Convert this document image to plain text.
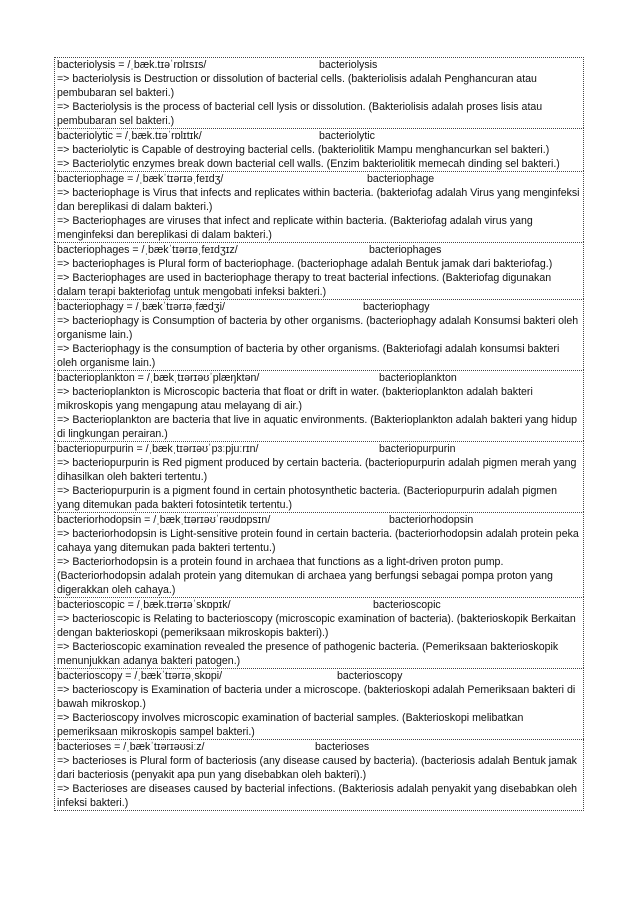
bacteriolysis = /ˌbæk.tɪəˈrɒlɪsɪs/	bacteriolysis

=> bacteriolysis is Destruction or dissolution of bacterial cells. (bakteriolisis adalah Penghancuran atau pembubaran sel bakteri.)

=> Bacteriolysis is the process of bacterial cell lysis or dissolution. (Bakteriolisis adalah proses lisis atau pembubaran sel bakteri.)

bacteriolytic = /ˌbæk.tɪəˈrɒlɪtɪk/	bacteriolytic

=> bacteriolytic is Capable of destroying bacterial cells. (bakteriolitik Mampu menghancurkan sel bakteri.)

=> Bacteriolytic enzymes break down bacterial cell walls. (Enzim bakteriolitik memecah dinding sel bakteri.)

bacteriophage = /ˌbækˈtɪərɪəˌfeɪdʒ/	bacteriophage

=> bacteriophage is Virus that infects and replicates within bacteria. (bakteriofag adalah Virus yang menginfeksi dan bereplikasi di dalam bakteri.)

=> Bacteriophages are viruses that infect and replicate within bacteria. (Bakteriofag adalah virus yang menginfeksi dan bereplikasi di dalam bakteri.)

bacteriophages = /ˌbækˈtɪərɪəˌfeɪdʒɪz/	bacteriophages

=> bacteriophages is Plural form of bacteriophage. (bacteriophage adalah Bentuk jamak dari bakteriofag.)

=> Bacteriophages are used in bacteriophage therapy to treat bacterial infections. (Bakteriofag digunakan dalam terapi bakteriofag untuk mengobati infeksi bakteri.)

bacteriophagy = /ˌbækˈtɪərɪəˌfædʒi/	bacteriophagy

=> bacteriophagy is Consumption of bacteria by other organisms. (bacteriophagy adalah Konsumsi bakteri oleh organisme lain.)

=> Bacteriophagy is the consumption of bacteria by other organisms. (Bakteriofagi adalah konsumsi bakteri oleh organisme lain.)

bacterioplankton = /ˌbækˌtɪərɪəʊˈplæŋktən/	bacterioplankton

=> bacterioplankton is Microscopic bacteria that float or drift in water. (bakterioplankton adalah bakteri mikroskopis yang mengapung atau melayang di air.)

=> Bacterioplankton are bacteria that live in aquatic environments. (Bakterioplankton adalah bakteri yang hidup di lingkungan perairan.)

bacteriopurpurin = /ˌbækˌtɪərɪəʊˈpɜːpjuːrɪn/	bacteriopurpurin

=> bacteriopurpurin is Red pigment produced by certain bacteria. (bacteriopurpurin adalah pigmen merah yang dihasilkan oleh bakteri tertentu.)

=> Bacteriopurpurin is a pigment found in certain photosynthetic bacteria. (Bacteriopurpurin adalah pigmen yang ditemukan pada bakteri fotosintetik tertentu.)

bacteriorhodopsin = /ˌbækˌtɪərɪəʊˈrəʊdɒpsɪn/	bacteriorhodopsin

=> bacteriorhodopsin is Light-sensitive protein found in certain bacteria. (bacteriorhodopsin adalah protein peka cahaya yang ditemukan pada bakteri tertentu.)

=> Bacteriorhodopsin is a protein found in archaea that functions as a light-driven proton pump. (Bacteriorhodopsin adalah protein yang ditemukan di archaea yang berfungsi sebagai pompa proton yang digerakkan oleh cahaya.)

bacterioscopic = /ˌbæk.tɪərɪəˈskɒpɪk/	bacterioscopic

=> bacterioscopic is Relating to bacterioscopy (microscopic examination of bacteria). (bakterioskopik Berkaitan dengan bakterioskopi (pemeriksaan mikroskopis bakteri).)

=> Bacterioscopic examination revealed the presence of pathogenic bacteria. (Pemeriksaan bakterioskopik menunjukkan adanya bakteri patogen.)

bacterioscopy = /ˌbækˈtɪərɪəˌskɒpi/	bacterioscopy

=> bacterioscopy is Examination of bacteria under a microscope. (bakterioskopi adalah Pemeriksaan bakteri di bawah mikroskop.)

=> Bacterioscopy involves microscopic examination of bacterial samples. (Bakterioskopi melibatkan pemeriksaan mikroskopis sampel bakteri.)

bacterioses = /ˌbækˈtɪərɪəʊsiːz/	bacterioses

=> bacterioses is Plural form of bacteriosis (any disease caused by bacteria). (bacteriosis adalah Bentuk jamak dari bacteriosis (penyakit apa pun yang disebabkan oleh bakteri).)

=> Bacterioses are diseases caused by bacterial infections. (Bakteriosis adalah penyakit yang disebabkan oleh infeksi bakteri.)
